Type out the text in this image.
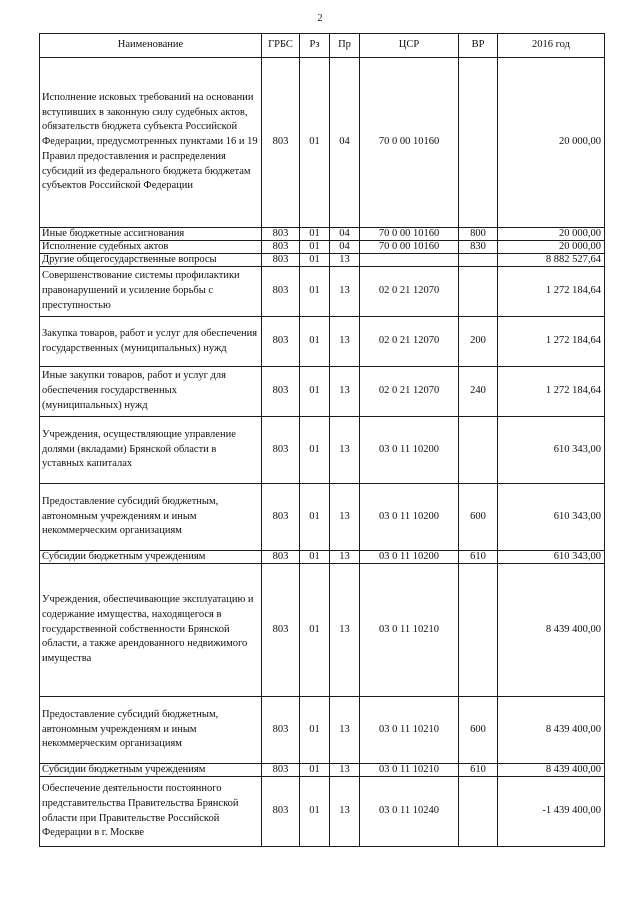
2
Наименование	ГРБС	Рз	Пр	ЦСР	ВР	2016 год
Исполнение исковых требований на основании вступивших в законную силу судебных актов, обязательств бюджета субъекта Российской Федерации, предусмотренных пунктами 16 и 19 Правил предоставления и распределения субсидий из федерального бюджета бюджетам субъектов Российской Федерации	803	01	04	70 0 00 10160		20 000,00
Иные бюджетные ассигнования	803	01	04	70 0 00 10160	800	20 000,00
Исполнение судебных актов	803	01	04	70 0 00 10160	830	20 000,00
Другие общегосударственные вопросы	803	01	13			8 882 527,64
Совершенствование системы профилактики правонарушений и усиление борьбы с преступностью	803	01	13	02 0 21 12070		1 272 184,64
Закупка товаров, работ и услуг для обеспечения государственных (муниципальных) нужд	803	01	13	02 0 21 12070	200	1 272 184,64
Иные закупки товаров, работ и услуг для обеспечения государственных (муниципальных) нужд	803	01	13	02 0 21 12070	240	1 272 184,64
Учреждения, осуществляющие управление долями (вкладами) Брянской области в уставных капиталах	803	01	13	03 0 11 10200		610 343,00
Предоставление субсидий бюджетным, автономным учреждениям и иным некоммерческим организациям	803	01	13	03 0 11 10200	600	610 343,00
Субсидии бюджетным учреждениям	803	01	13	03 0 11 10200	610	610 343,00
Учреждения, обеспечивающие эксплуатацию и содержание имущества, находящегося в государственной собственности Брянской области, а также арендованного недвижимого имущества	803	01	13	03 0 11 10210		8 439 400,00
Предоставление субсидий бюджетным, автономным учреждениям и иным некоммерческим организациям	803	01	13	03 0 11 10210	600	8 439 400,00
Субсидии бюджетным учреждениям	803	01	13	03 0 11 10210	610	8 439 400,00
Обеспечение деятельности постоянного представительства Правительства Брянской области при Правительстве Российской Федерации в г. Москве	803	01	13	03 0 11 10240		-1 439 400,00
